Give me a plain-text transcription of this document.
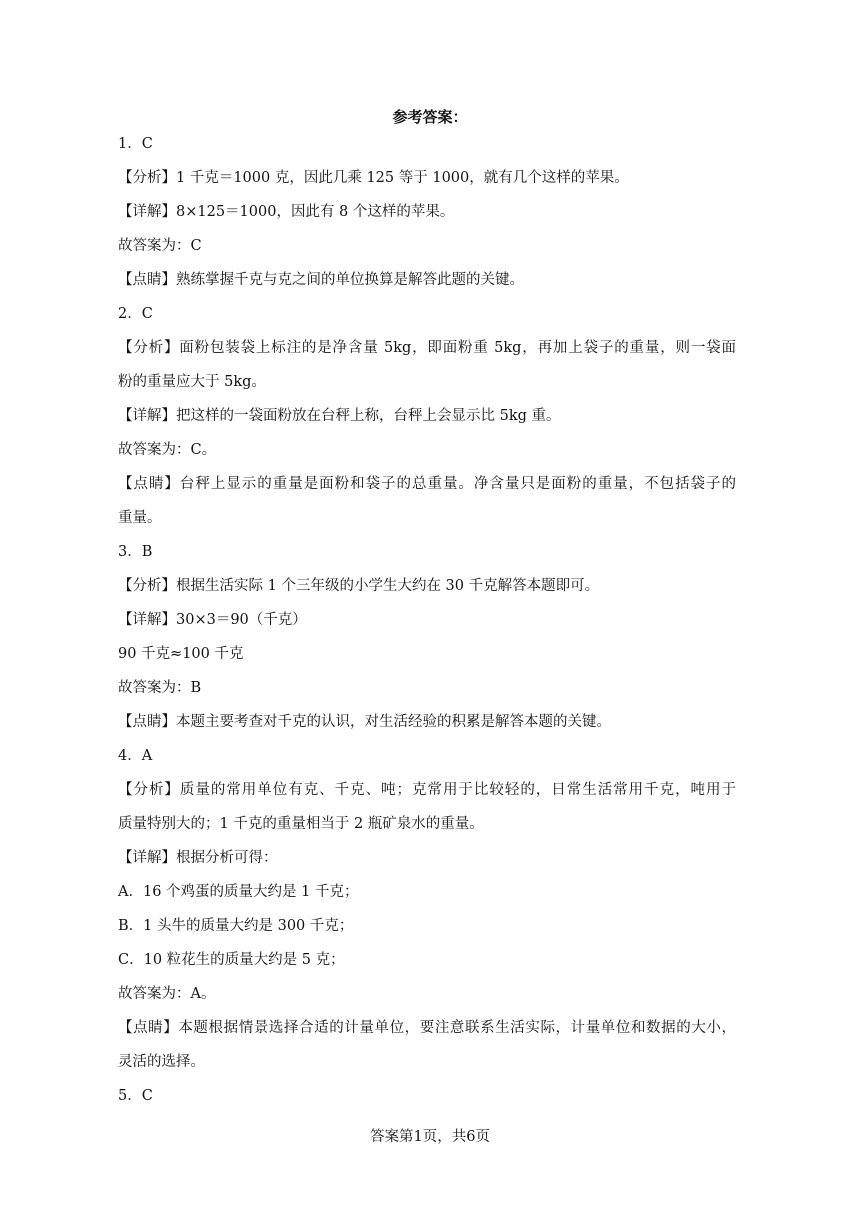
参考答案：
1．C
【分析】1 千克＝1000 克，因此几乘 125 等于 1000，就有几个这样的苹果。
【详解】8×125＝1000，因此有 8 个这样的苹果。
故答案为：C
【点睛】熟练掌握千克与克之间的单位换算是解答此题的关键。
2．C
【分析】面粉包装袋上标注的是净含量 5kg，即面粉重 5kg，再加上袋子的重量，则一袋面
粉的重量应大于 5kg。
【详解】把这样的一袋面粉放在台秤上称，台秤上会显示比 5kg 重。
故答案为：C。
【点睛】台秤上显示的重量是面粉和袋子的总重量。净含量只是面粉的重量，不包括袋子的
重量。
3．B
【分析】根据生活实际 1 个三年级的小学生大约在 30 千克解答本题即可。
【详解】30×3＝90（千克）
90 千克≈100 千克
故答案为：B
【点睛】本题主要考查对千克的认识，对生活经验的积累是解答本题的关键。
4．A
【分析】质量的常用单位有克、千克、吨；克常用于比较轻的，日常生活常用千克，吨用于
质量特别大的；1 千克的重量相当于 2 瓶矿泉水的重量。
【详解】根据分析可得：
A．16 个鸡蛋的质量大约是 1 千克；
B．1 头牛的质量大约是 300 千克；
C．10 粒花生的质量大约是 5 克；
故答案为：A。
【点睛】本题根据情景选择合适的计量单位，要注意联系生活实际，计量单位和数据的大小，
灵活的选择。
5．C
答案第1页，共6页
